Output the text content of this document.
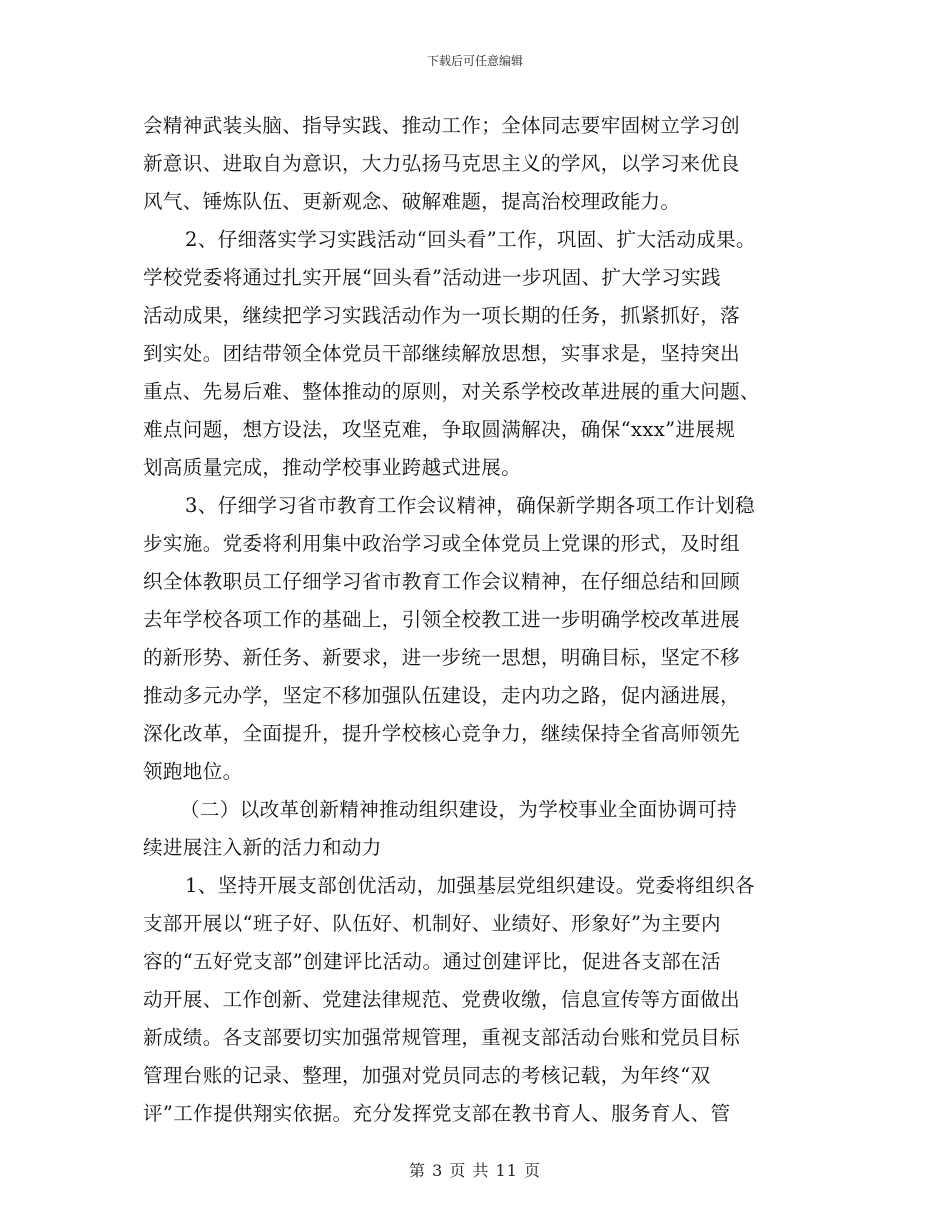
下载后可任意编辑
会精神武装头脑、指导实践、推动工作；全体同志要牢固树立学习创
新意识、进取自为意识，大力弘扬马克思主义的学风，以学习来优良
风气、锤炼队伍、更新观念、破解难题，提高治校理政能力。
2、仔细落实学习实践活动“回头看”工作，巩固、扩大活动成果。
学校党委将通过扎实开展“回头看”活动进一步巩固、扩大学习实践
活动成果，继续把学习实践活动作为一项长期的任务，抓紧抓好，落
到实处。团结带领全体党员干部继续解放思想，实事求是，坚持突出
重点、先易后难、整体推动的原则，对关系学校改革进展的重大问题、
难点问题，想方设法，攻坚克难，争取圆满解决，确保“xxx”进展规
划高质量完成，推动学校事业跨越式进展。
3、仔细学习省市教育工作会议精神，确保新学期各项工作计划稳
步实施。党委将利用集中政治学习或全体党员上党课的形式，及时组
织全体教职员工仔细学习省市教育工作会议精神，在仔细总结和回顾
去年学校各项工作的基础上，引领全校教工进一步明确学校改革进展
的新形势、新任务、新要求，进一步统一思想，明确目标，坚定不移
推动多元办学，坚定不移加强队伍建设，走内功之路，促内涵进展，
深化改革，全面提升，提升学校核心竞争力，继续保持全省高师领先
领跑地位。
（二）以改革创新精神推动组织建设，为学校事业全面协调可持
续进展注入新的活力和动力
1、坚持开展支部创优活动，加强基层党组织建设。党委将组织各
支部开展以“班子好、队伍好、机制好、业绩好、形象好”为主要内
容的“五好党支部”创建评比活动。通过创建评比，促进各支部在活
动开展、工作创新、党建法律规范、党费收缴，信息宣传等方面做出
新成绩。各支部要切实加强常规管理，重视支部活动台账和党员目标
管理台账的记录、整理，加强对党员同志的考核记载，为年终“双
评”工作提供翔实依据。充分发挥党支部在教书育人、服务育人、管
第 3 页 共 11 页
